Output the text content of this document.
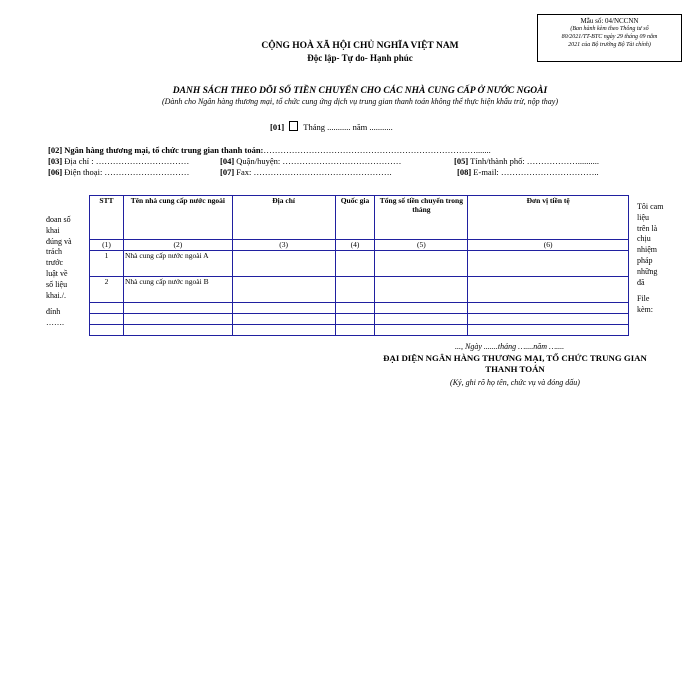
Mẫu số: 04/NCCNN
(Ban hành kèm theo Thông tư số
80/2021/TT-BTC ngày 29 tháng 09 năm
2021 của Bộ trưởng Bộ Tài chính)
CỘNG HOÀ XÃ HỘI CHỦ NGHĨA VIỆT NAM
Độc lập- Tự do- Hạnh phúc
DANH SÁCH THEO DÕI SỐ TIỀN CHUYỂN CHO CÁC NHÀ CUNG CẤP Ở NƯỚC NGOÀI
(Dành cho Ngân hàng thương mại, tổ chức cung ứng dịch vụ trung gian thanh toán không thể thực hiện khấu trừ, nộp thay)
[01] Tháng ........... năm ...........
[02] Ngân hàng thương mại, tổ chức trung gian thanh toán:………………………………………………………………….......
[03] Địa chỉ : ……………………………	[04] Quận/huyện: ……………………………………	[05] Tỉnh/thành phố: ………………..........
[06] Điện thoại: …………………………	[07] Fax: ………………………………………….	[08] E-mail: ……………………………..
đoan số
khai
đúng và
trách
trước
luật về
số liệu
khai./.
đính
…….
Tôi cam
liệu
trên là
chịu
nhiệm
pháp
những
đã
File
kèm:
STT	Tên nhà cung cấp nước ngoài	Địa chỉ	Quốc gia	Tổng số tiền chuyển trong tháng	Đơn vị tiền tệ
(1)	(2)	(3)	(4)	(5)	(6)
1	Nhà cung cấp nước ngoài A				
2	Nhà cung cấp nước ngoài B				

..., Ngày .......tháng …....năm …....
ĐẠI DIỆN NGÂN HÀNG THƯƠNG MẠI, TỔ CHỨC TRUNG GIAN THANH TOÁN
(Ký, ghi rõ họ tên, chức vụ và đóng dấu)
